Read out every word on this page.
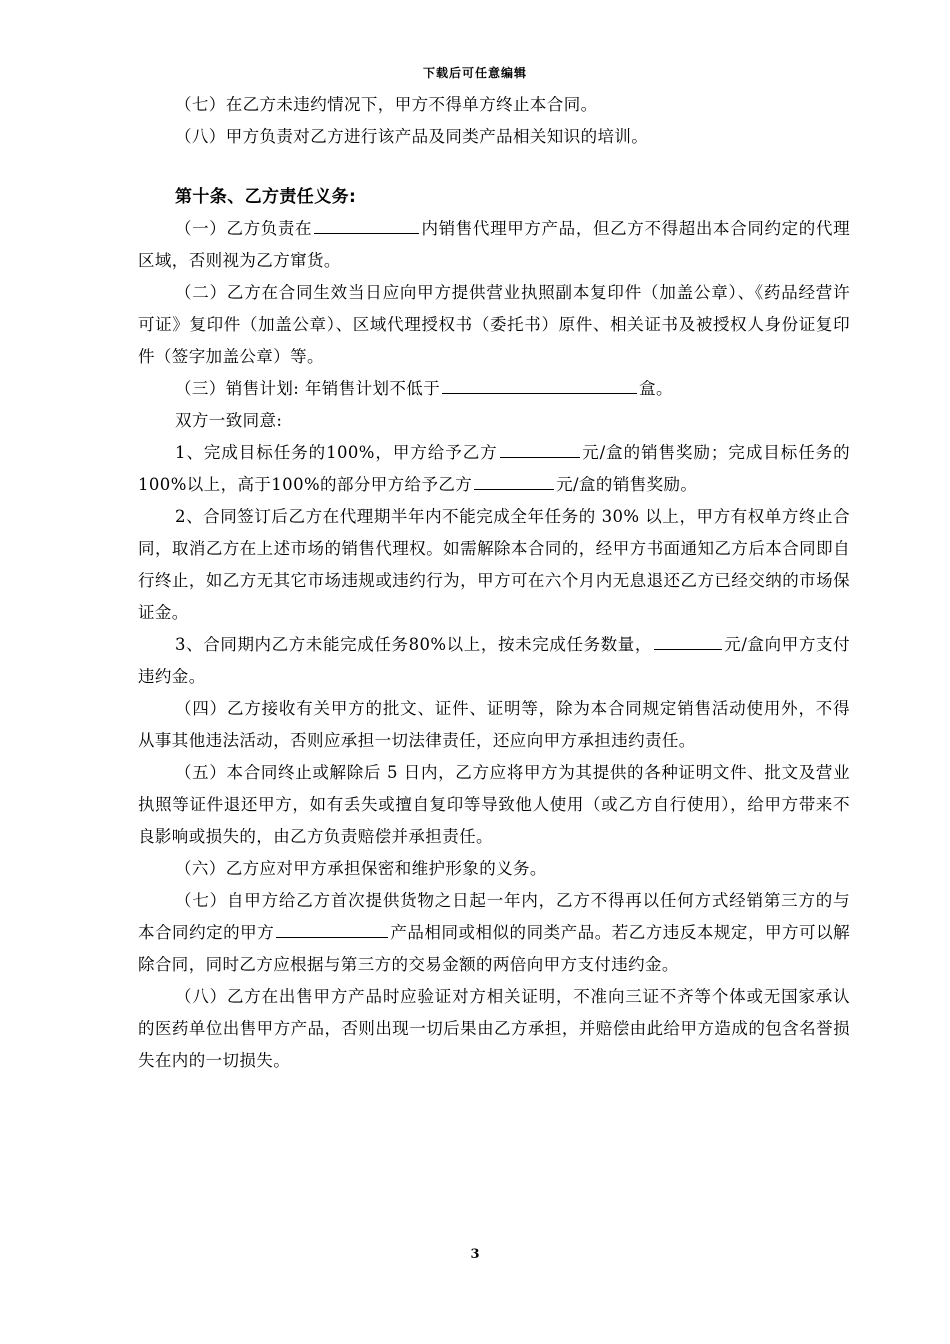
下载后可任意编辑

（七）在乙方未违约情况下，甲方不得单方终止本合同。

（八）甲方负责对乙方进行该产品及同类产品相关知识的培训。

第十条、乙方责任义务:

（一）乙方负责在	内销售代理甲方产品，但乙方不得超出本合同约定的代理区域，否则视为乙方窜货。

（二）乙方在合同生效当日应向甲方提供营业执照副本复印件（加盖公章）、《药品经营许可证》复印件（加盖公章）、区域代理授权书（委托书）原件、相关证书及被授权人身份证复印件（签字加盖公章）等。

（三）销售计划: 年销售计划不低于	盒。

双方一致同意:

1、完成目标任务的100%，甲方给予乙方	元/盒的销售奖励；完成目标任务的100%以上，高于100%的部分甲方给予乙方	元/盒的销售奖励。

2、合同签订后乙方在代理期半年内不能完成全年任务的 30% 以上，甲方有权单方终止合同，取消乙方在上述市场的销售代理权。如需解除本合同的，经甲方书面通知乙方后本合同即自行终止，如乙方无其它市场违规或违约行为，甲方可在六个月内无息退还乙方已经交纳的市场保证金。

3、合同期内乙方未能完成任务80%以上，按未完成任务数量，	元/盒向甲方支付违约金。

（四）乙方接收有关甲方的批文、证件、证明等，除为本合同规定销售活动使用外，不得从事其他违法活动，否则应承担一切法律责任，还应向甲方承担违约责任。

（五）本合同终止或解除后 5 日内，乙方应将甲方为其提供的各种证明文件、批文及营业执照等证件退还甲方，如有丢失或擅自复印等导致他人使用（或乙方自行使用），给甲方带来不良影响或损失的，由乙方负责赔偿并承担责任。

（六）乙方应对甲方承担保密和维护形象的义务。

（七）自甲方给乙方首次提供货物之日起一年内，乙方不得再以任何方式经销第三方的与本合同约定的甲方	产品相同或相似的同类产品。若乙方违反本规定，甲方可以解除合同，同时乙方应根据与第三方的交易金额的两倍向甲方支付违约金。

（八）乙方在出售甲方产品时应验证对方相关证明，不准向三证不齐等个体或无国家承认的医药单位出售甲方产品，否则出现一切后果由乙方承担，并赔偿由此给甲方造成的包含名誉损失在内的一切损失。

3
